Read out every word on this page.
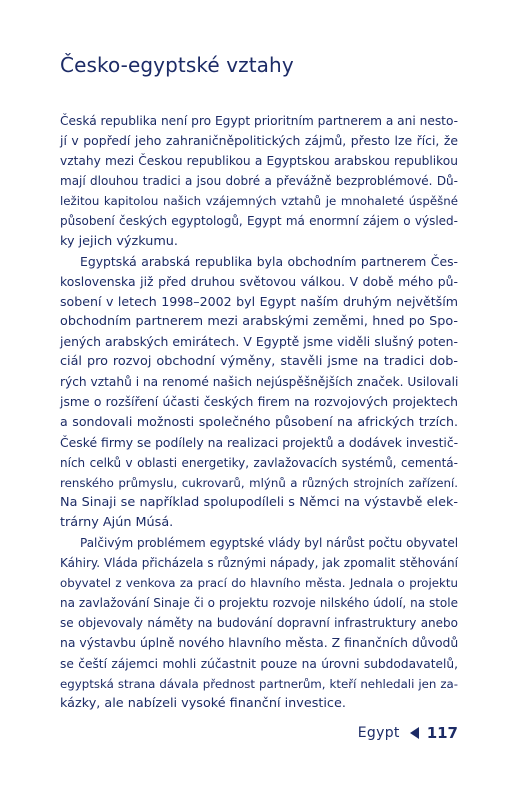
Česko-egyptské vztahy
Česká republika není pro Egypt prioritním partnerem a ani nesto-
jí v popředí jeho zahraničněpolitických zájmů, přesto lze říci, že
vztahy mezi Českou republikou a Egyptskou arabskou republikou
mají dlouhou tradici a jsou dobré a převážně bezproblémové. Dů-
ležitou kapitolou našich vzájemných vztahů je mnohaleté úspěšné
působení českých egyptologů, Egypt má enormní zájem o výsled-
ky jejich výzkumu.
Egyptská arabská republika byla obchodním partnerem Čes-
koslovenska již před druhou světovou válkou. V době mého pů-
sobení v letech 1998–2002 byl Egypt naším druhým největším
obchodním partnerem mezi arabskými zeměmi, hned po Spo-
jených arabských emirátech. V Egyptě jsme viděli slušný poten-
ciál pro rozvoj obchodní výměny, stavěli jsme na tradici dob-
rých vztahů i na renomé našich nejúspěšnějších značek. Usilovali
jsme o rozšíření účasti českých firem na rozvojových projektech
a sondovali možnosti společného působení na afrických trzích.
České firmy se podílely na realizaci projektů a dodávek investič-
ních celků v oblasti energetiky, zavlažovacích systémů, cementá-
renského průmyslu, cukrovarů, mlýnů a různých strojních zařízení.
Na Sinaji se například spolupodíleli s Němci na výstavbě elek-
trárny Ajún Músá.
Palčivým problémem egyptské vlády byl nárůst počtu obyvatel
Káhiry. Vláda přicházela s různými nápady, jak zpomalit stěhování
obyvatel z venkova za prací do hlavního města. Jednala o projektu
na zavlažování Sinaje či o projektu rozvoje nilského údolí, na stole
se objevovaly náměty na budování dopravní infrastruktury anebo
na výstavbu úplně nového hlavního města. Z finančních důvodů
se čeští zájemci mohli zúčastnit pouze na úrovni subdodavatelů,
egyptská strana dávala přednost partnerům, kteří nehledali jen za-
kázky, ale nabízeli vysoké finanční investice.
Egypt 117
